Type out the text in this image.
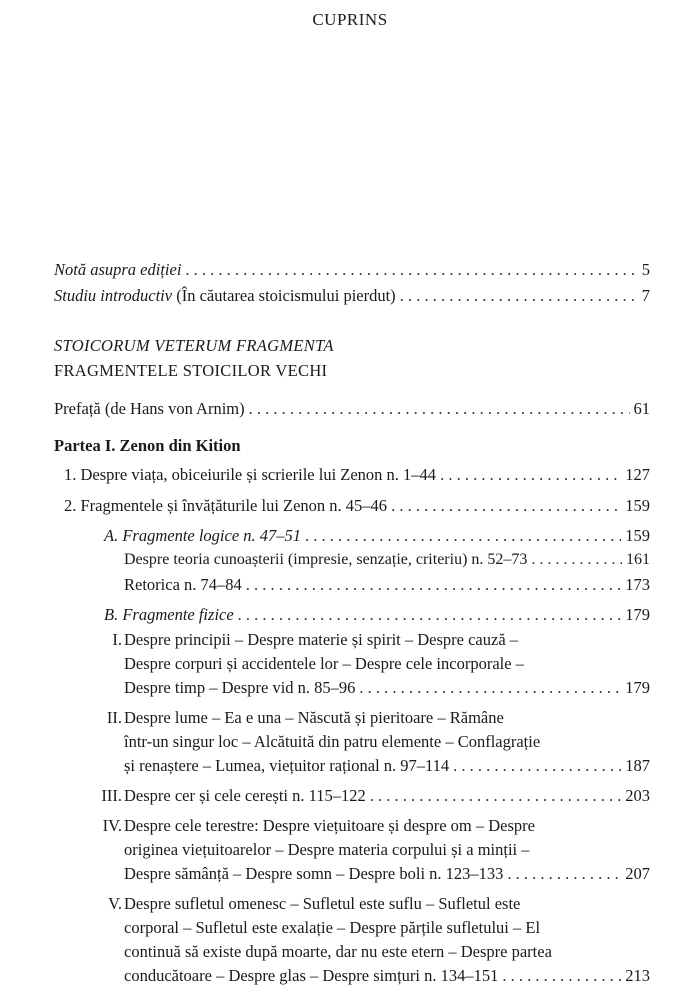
CUPRINS
Notă asupra ediției . . .	5
Studiu introductiv (În căutarea stoicismului pierdut) . . .	7
STOICORUM VETERUM FRAGMENTA
FRAGMENTELE STOICILOR VECHI
Prefață (de Hans von Arnim) . . .	61
Partea I. Zenon din Kition
1. Despre viața, obiceiurile și scrierile lui Zenon n. 1–44 . . .	127
2. Fragmentele și învățăturile lui Zenon n. 45–46 . . .	159
A. Fragmente logice n. 47–51 . . .	159
Despre teoria cunoașterii (impresie, senzație, criteriu) n. 52–73 . . .	161
Retorica n. 74–84 . . .	173
B. Fragmente fizice . . .	179
I. Despre principii – Despre materie și spirit – Despre cauză –
Despre corpuri și accidentele lor – Despre cele incorporale –
Despre timp – Despre vid n. 85–96 . . .	179
II. Despre lume – Ea e una – Născută și pieritoare – Rămâne
într-un singur loc – Alcătuită din patru elemente – Conflagrație
și renaștere – Lumea, viețuitor rațional n. 97–114 . . .	187
III. Despre cer și cele cerești n. 115–122 . . .	203
IV. Despre cele terestre: Despre viețuitoare și despre om – Despre
originea viețuitoarelor – Despre materia corpului și a minții –
Despre sămânță – Despre somn – Despre boli n. 123–133 . . .	207
V. Despre sufletul omenesc – Sufletul este suflu – Sufletul este
corporal – Sufletul este exalație – Despre părțile sufletului – El
continuă să existe după moarte, dar nu este etern – Despre partea
conducătoare – Despre glas – Despre simțuri n. 134–151 . . .	213
